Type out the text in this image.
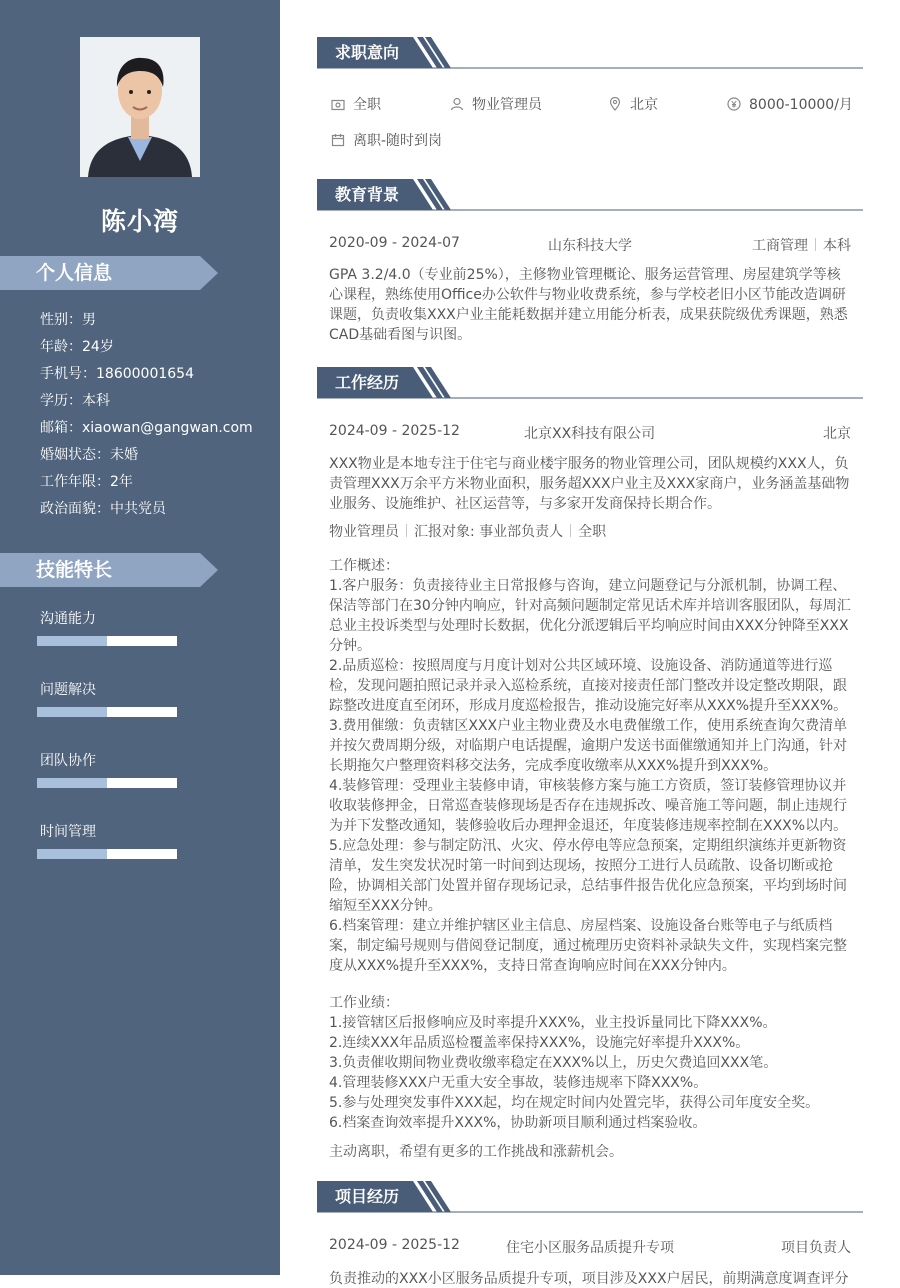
陈小湾
个人信息
性别：男
年龄：24岁
手机号：18600001654
学历：本科
邮箱：xiaowan@gangwan.com
婚姻状态：未婚
工作年限：2年
政治面貌：中共党员
技能特长
沟通能力
问题解决
团队协作
时间管理
求职意向
全职	物业管理员	北京	8000-10000/月
离职-随时到岗
教育背景
2020-09 - 2024-07	山东科技大学	工商管理 本科

GPA 3.2/4.0（专业前25%），主修物业管理概论、服务运营管理、房屋建筑学等核心课程，熟练使用Office办公软件与物业收费系统，参与学校老旧小区节能改造调研课题，负责收集XXX户业主能耗数据并建立用能分析表，成果获院级优秀课题，熟悉CAD基础看图与识图。

工作经历
2024-09 - 2025-12	北京XX科技有限公司	北京

XXX物业是本地专注于住宅与商业楼宇服务的物业管理公司，团队规模约XXX人，负责管理XXX万余平方米物业面积，服务超XXX户业主及XXX家商户，业务涵盖基础物业服务、设施维护、社区运营等，与多家开发商保持长期合作。

物业管理员 汇报对象: 事业部负责人 全职
工作概述：
1.客户服务：负责接待业主日常报修与咨询，建立问题登记与分派机制，协调工程、保洁等部门在30分钟内响应，针对高频问题制定常见话术库并培训客服团队，每周汇总业主投诉类型与处理时长数据，优化分派逻辑后平均响应时间由XXX分钟降至XXX分钟。
2.品质巡检：按照周度与月度计划对公共区域环境、设施设备、消防通道等进行巡检，发现问题拍照记录并录入巡检系统，直接对接责任部门整改并设定整改期限，跟踪整改进度直至闭环，形成月度巡检报告，推动设施完好率从XXX%提升至XXX%。
3.费用催缴：负责辖区XXX户业主物业费及水电费催缴工作，使用系统查询欠费清单并按欠费周期分级，对临期户电话提醒，逾期户发送书面催缴通知并上门沟通，针对长期拖欠户整理资料移交法务，完成季度收缴率从XXX%提升到XXX%。
4.装修管理：受理业主装修申请，审核装修方案与施工方资质，签订装修管理协议并收取装修押金，日常巡查装修现场是否存在违规拆改、噪音施工等问题，制止违规行为并下发整改通知，装修验收后办理押金退还，年度装修违规率控制在XXX%以内。
5.应急处理：参与制定防汛、火灾、停水停电等应急预案，定期组织演练并更新物资清单，发生突发状况时第一时间到达现场，按照分工进行人员疏散、设备切断或抢险，协调相关部门处置并留存现场记录，总结事件报告优化应急预案，平均到场时间缩短至XXX分钟。
6.档案管理：建立并维护辖区业主信息、房屋档案、设施设备台账等电子与纸质档案，制定编号规则与借阅登记制度，通过梳理历史资料补录缺失文件，实现档案完整度从XXX%提升至XXX%，支持日常查询响应时间在XXX分钟内。
工作业绩：
1.接管辖区后报修响应及时率提升XXX%，业主投诉量同比下降XXX%。
2.连续XXX年品质巡检覆盖率保持XXX%，设施完好率提升XXX%。
3.负责催收期间物业费收缴率稳定在XXX%以上，历史欠费追回XXX笔。
4.管理装修XXX户无重大安全事故，装修违规率下降XXX%。
5.参与处理突发事件XXX起，均在规定时间内处置完毕，获得公司年度安全奖。
6.档案查询效率提升XXX%，协助新项目顺利通过档案验收。
主动离职，希望有更多的工作挑战和涨薪机会。
项目经历
2024-09 - 2025-12	住宅小区服务品质提升专项	项目负责人
负责推动的XXX小区服务品质提升专项，项目涉及XXX户居民，前期满意度调查评分
